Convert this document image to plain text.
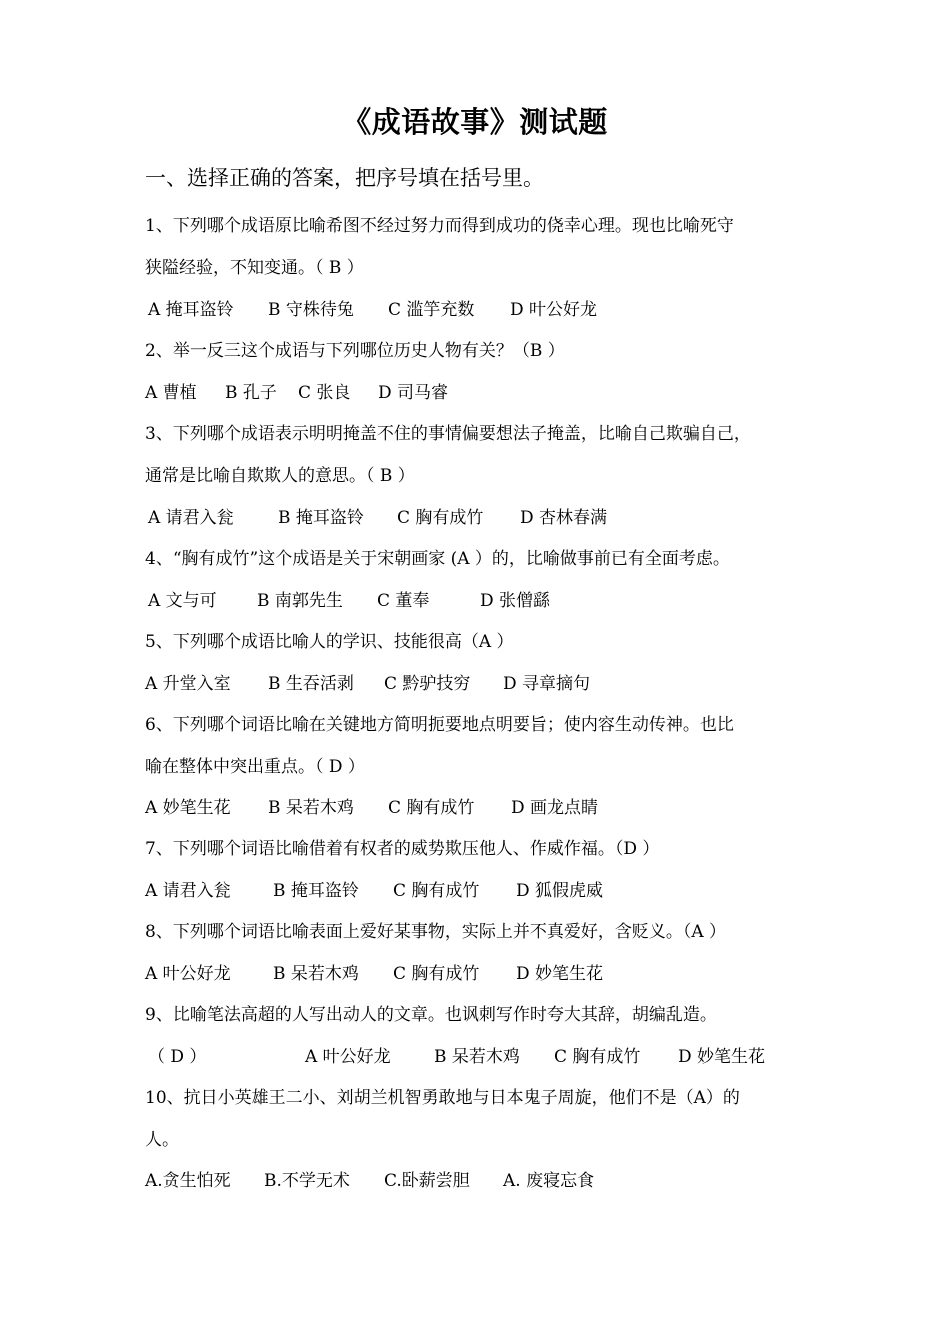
《成语故事》测试题
一、选择正确的答案，把序号填在括号里。
1、下列哪个成语原比喻希图不经过努力而得到成功的侥幸心理。现也比喻死守
狭隘经验，不知变通。（ B ）
A 掩耳盗铃 B 守株待兔 C 滥竽充数 D 叶公好龙
2、举一反三这个成语与下列哪位历史人物有关？（B ）
A 曹植 B 孔子 C 张良 D 司马睿
3、下列哪个成语表示明明掩盖不住的事情偏要想法子掩盖，比喻自己欺骗自己，
通常是比喻自欺欺人的意思。（ B ）
A 请君入瓮	B 掩耳盗铃 C 胸有成竹 D 杏林春满
4、“胸有成竹”这个成语是关于宋朝画家 (A ）的，比喻做事前已有全面考虑。
A 文与可 B 南郭先生 C 董奉	D 张僧繇
5、下列哪个成语比喻人的学识、技能很高（A ）
A 升堂入室 B 生吞活剥 C 黔驴技穷 D 寻章摘句
6、下列哪个词语比喻在关键地方简明扼要地点明要旨；使内容生动传神。也比
喻在整体中突出重点。（ D ）
A 妙笔生花 B 呆若木鸡 C 胸有成竹 D 画龙点睛
7、下列哪个词语比喻借着有权者的威势欺压他人、作威作福。（D ）
A 请君入瓮 B 掩耳盗铃 C 胸有成竹 D 狐假虎威
8、下列哪个词语比喻表面上爱好某事物，实际上并不真爱好，含贬义。（A ）
A 叶公好龙 B 呆若木鸡 C 胸有成竹 D 妙笔生花
9、比喻笔法高超的人写出动人的文章。也讽刺写作时夸大其辞，胡编乱造。
（ D ）	A 叶公好龙	B 呆若木鸡 C 胸有成竹 D 妙笔生花
10、抗日小英雄王二小、刘胡兰机智勇敢地与日本鬼子周旋，他们不是（A）的
人。
A.贪生怕死 B.不学无术 C.卧薪尝胆 A. 废寝忘食
